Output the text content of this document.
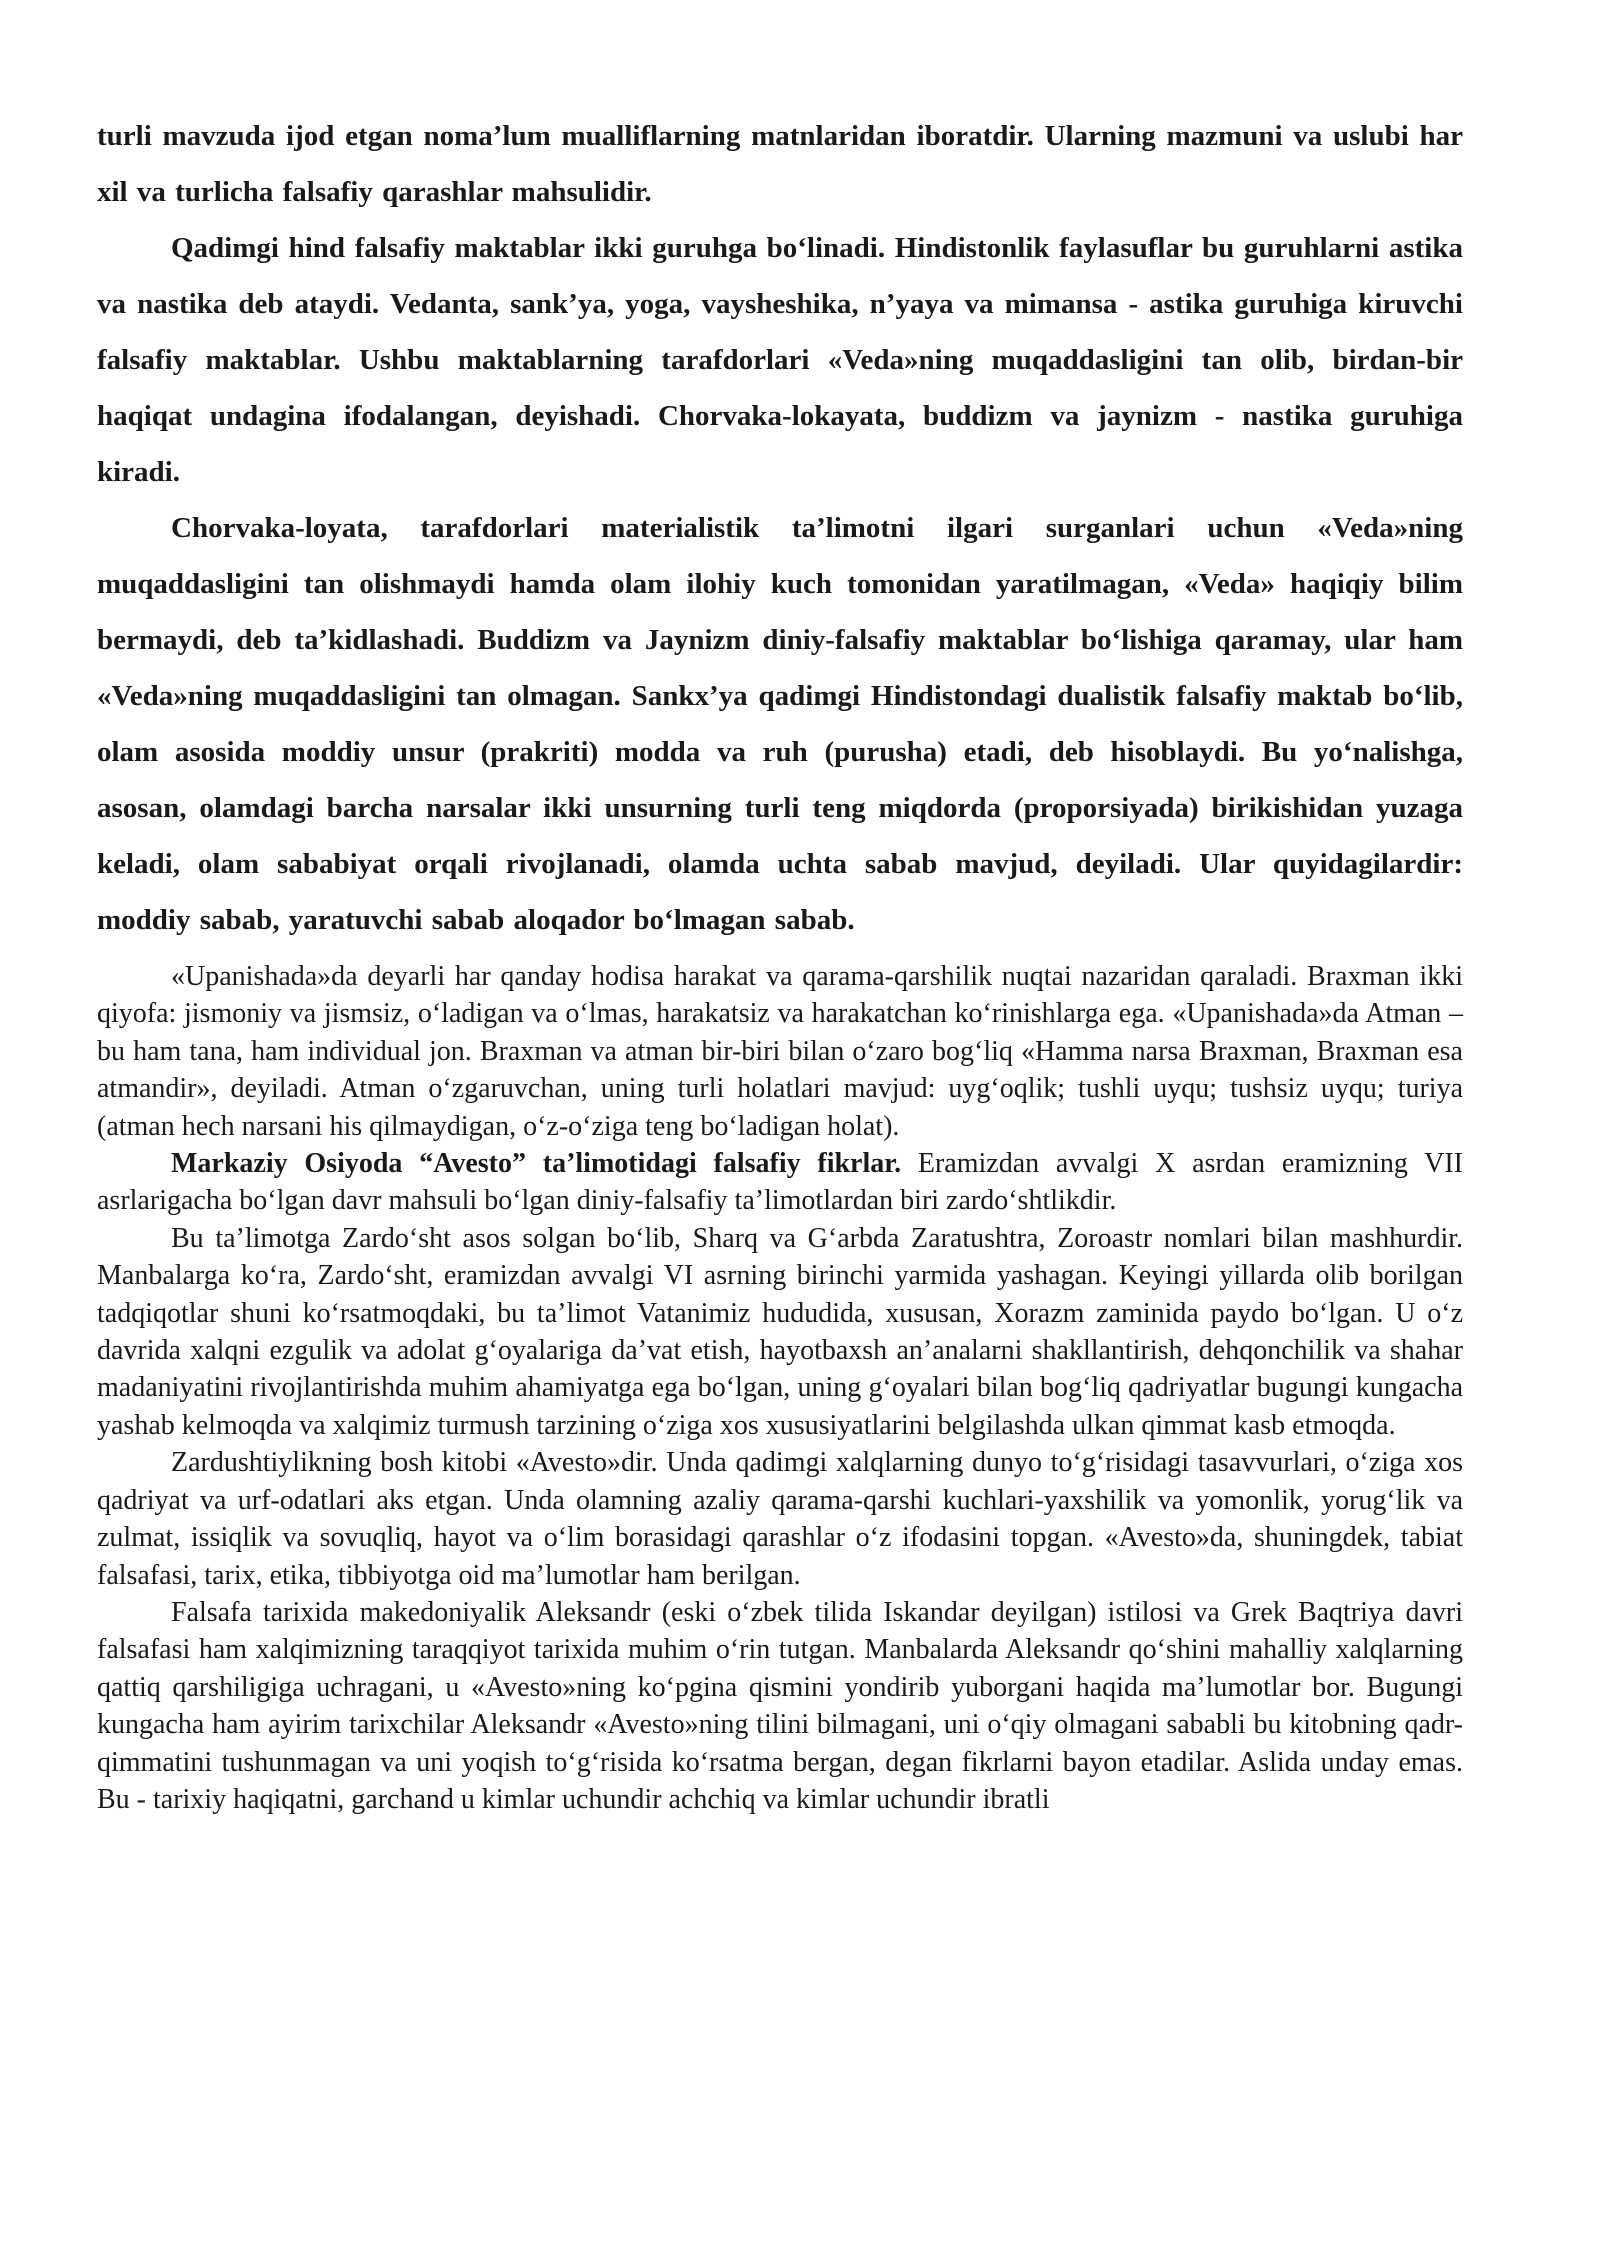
turli mavzuda ijod etgan noma’lum mualliflarning matnlaridan iboratdir. Ularning mazmuni va uslubi har xil va turlicha falsafiy qarashlar mahsulidir.

Qadimgi hind falsafiy maktablar ikki guruhga bo‘linadi. Hindistonlik faylasuflar bu guruhlarni astika va nastika deb ataydi. Vedanta, sank’ya, yoga, vaysheshika, n’yaya va mimansa - astika guruhiga kiruvchi falsafiy maktablar. Ushbu maktablarning tarafdorlari «Veda»ning muqaddasligini tan olib, birdan-bir haqiqat undagina ifodalangan, deyishadi. Chorvaka-lokayata, buddizm va jaynizm - nastika guruhiga kiradi.

Chorvaka-loyata, tarafdorlari materialistik ta’limotni ilgari surganlari uchun «Veda»ning muqaddasligini tan olishmaydi hamda olam ilohiy kuch tomonidan yaratilmagan, «Veda» haqiqiy bilim bermaydi, deb ta’kidlashadi. Buddizm va Jaynizm diniy-falsafiy maktablar bo‘lishiga qaramay, ular ham «Veda»ning muqaddasligini tan olmagan. Sankx’ya qadimgi Hindistondagi dualistik falsafiy maktab bo‘lib, olam asosida moddiy unsur (prakriti) modda va ruh (purusha) etadi, deb hisoblaydi. Bu yo‘nalishga, asosan, olamdagi barcha narsalar ikki unsurning turli teng miqdorda (proporsiyada) birikishidan yuzaga keladi, olam sababiyat orqali rivojlanadi, olamda uchta sabab mavjud, deyiladi. Ular quyidagilardir: moddiy sabab, yaratuvchi sabab aloqador bo‘lmagan sabab.

«Upanishada»da deyarli har qanday hodisa harakat va qarama-qarshilik nuqtai nazaridan qaraladi. Braxman ikki qiyofa: jismoniy va jismsiz, o‘ladigan va o‘lmas, harakatsiz va harakatchan ko‘rinishlarga ega. «Upanishada»da Atman – bu ham tana, ham individual jon. Braxman va atman bir-biri bilan o‘zaro bog‘liq «Hamma narsa Braxman, Braxman esa atmandir», deyiladi. Atman o‘zgaruvchan, uning turli holatlari mavjud: uyg‘oqlik; tushli uyqu; tushsiz uyqu; turiya (atman hech narsani his qilmaydigan, o‘z-o‘ziga teng bo‘ladigan holat).

Markaziy Osiyoda “Avesto” ta’limotidagi falsafiy fikrlar. Eramizdan avvalgi X asrdan eramizning VII asrlarigacha bo‘lgan davr mahsuli bo‘lgan diniy-falsafiy ta’limotlardan biri zardo‘shtlikdir.

Bu ta’limotga Zardo‘sht asos solgan bo‘lib, Sharq va G‘arbda Zaratushtra, Zoroastr nomlari bilan mashhurdir. Manbalarga ko‘ra, Zardo‘sht, eramizdan avvalgi VI asrning birinchi yarmida yashagan. Keyingi yillarda olib borilgan tadqiqotlar shuni ko‘rsatmoqdaki, bu ta’limot Vatanimiz hududida, xususan, Xorazm zaminida paydo bo‘lgan. U o‘z davrida xalqni ezgulik va adolat g‘oyalariga da’vat etish, hayotbaxsh an’analarni shakllantirish, dehqonchilik va shahar madaniyatini rivojlantirishda muhim ahamiyatga ega bo‘lgan, uning g‘oyalari bilan bog‘liq qadriyatlar bugungi kungacha yashab kelmoqda va xalqimiz turmush tarzining o‘ziga xos xususiyatlarini belgilashda ulkan qimmat kasb etmoqda.

Zardushtiylikning bosh kitobi «Avesto»dir. Unda qadimgi xalqlarning dunyo to‘g‘risidagi tasavvurlari, o‘ziga xos qadriyat va urf-odatlari aks etgan. Unda olamning azaliy qarama-qarshi kuchlari-yaxshilik va yomonlik, yorug‘lik va zulmat, issiqlik va sovuqliq, hayot va o‘lim borasidagi qarashlar o‘z ifodasini topgan. «Avesto»da, shuningdek, tabiat falsafasi, tarix, etika, tibbiyotga oid ma’lumotlar ham berilgan.

Falsafa tarixida makedoniyalik Aleksandr (eski o‘zbek tilida Iskandar deyilgan) istilosi va Grek Baqtriya davri falsafasi ham xalqimizning taraqqiyot tarixida muhim o‘rin tutgan. Manbalarda Aleksandr qo‘shini mahalliy xalqlarning qattiq qarshiligiga uchragani, u «Avesto»ning ko‘pgina qismini yondirib yuborgani haqida ma’lumotlar bor. Bugungi kungacha ham ayirim tarixchilar Aleksandr «Avesto»ning tilini bilmagani, uni o‘qiy olmagani sababli bu kitobning qadr-qimmatini tushunmagan va uni yoqish to‘g‘risida ko‘rsatma bergan, degan fikrlarni bayon etadilar. Aslida unday emas. Bu - tarixiy haqiqatni, garchand u kimlar uchundir achchiq va kimlar uchundir ibratli
